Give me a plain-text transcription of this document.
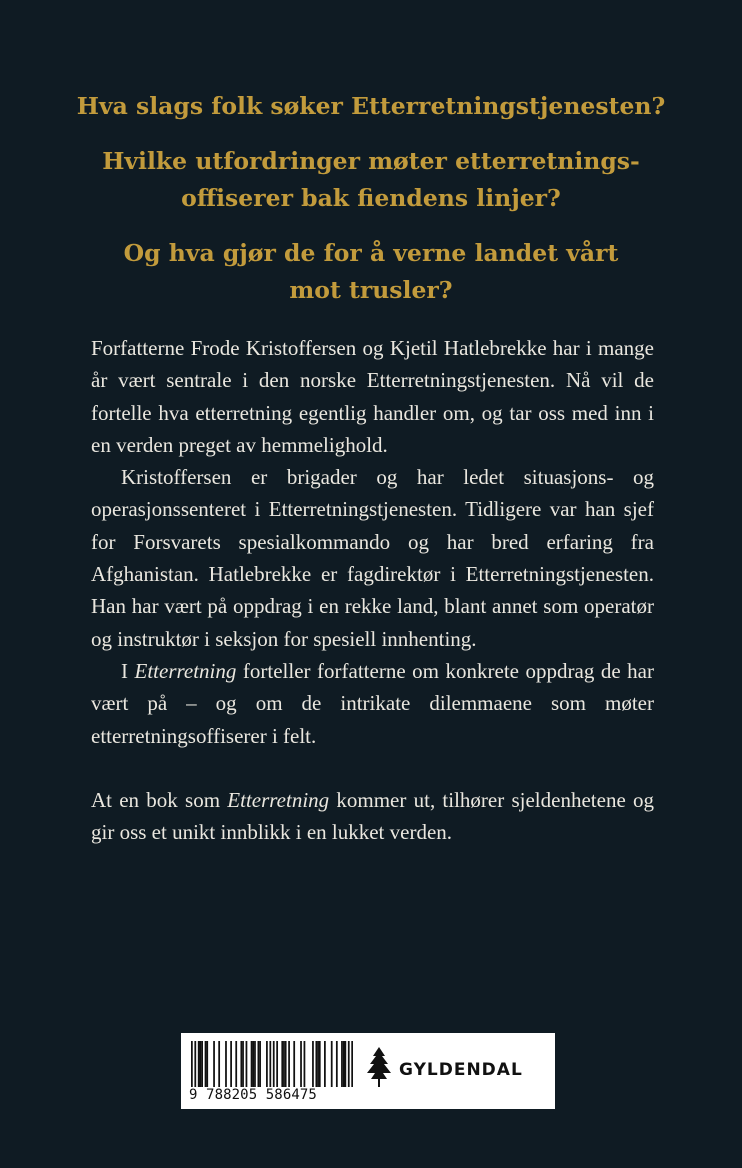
Hva slags folk søker Etterretningstjenesten?

Hvilke utfordringer møter etterretnings-
offiserer bak fiendens linjer?

Og hva gjør de for å verne landet vårt
mot trusler?

Forfatterne Frode Kristoffersen og Kjetil Hatlebrekke har i mange år vært sentrale i den norske Etterretningstjenesten. Nå vil de fortelle hva etterretning egentlig handler om, og tar oss med inn i en verden preget av hemmelighold.

Kristoffersen er brigader og har ledet situasjons- og operasjonssenteret i Etterretningstjenesten. Tidligere var han sjef for Forsvarets spesialkommando og har bred erfaring fra Afghanistan. Hatlebrekke er fagdirektør i Etterretningstjenesten. Han har vært på oppdrag i en rekke land, blant annet som operatør og instruktør i seksjon for spesiell innhenting.

I Etterretning forteller forfatterne om konkrete oppdrag de har vært på – og om de intrikate dilemmaene som møter etterretningsoffiserer i felt.

At en bok som Etterretning kommer ut, tilhører sjeldenhetene og gir oss et unikt innblikk i en lukket verden.

9 788205 586475
GYLDENDAL
